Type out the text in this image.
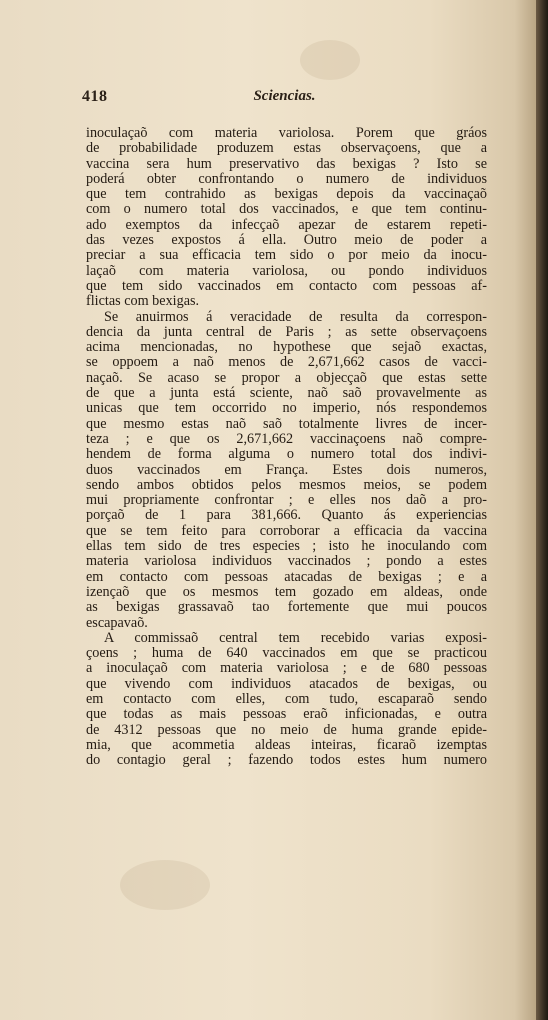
418	Sciencias.
inoculaçaõ com materia variolosa. Porem que gráos
de probabilidade produzem estas observaçoens, que a
vaccina sera hum preservativo das bexigas ? Isto se
poderá obter confrontando o numero de individuos
que tem contrahido as bexigas depois da vaccinaçaõ
com o numero total dos vaccinados, e que tem continu-
ado exemptos da infecçaõ apezar de estarem repeti-
das vezes expostos á ella. Outro meio de poder a
preciar a sua efficacia tem sido o por meio da inocu-
laçaõ com materia variolosa, ou pondo individuos
que tem sido vaccinados em contacto com pessoas af-
flictas com bexigas.
Se anuirmos á veracidade de resulta da correspon-
dencia da junta central de Paris ; as sette observaçoens
acima mencionadas, no hypothese que sejaõ exactas,
se oppoem a naõ menos de 2,671,662 casos de vacci-
naçaõ. Se acaso se propor a objecçaõ que estas sette
de que a junta está sciente, naõ saõ provavelmente as
unicas que tem occorrido no imperio, nós respondemos
que mesmo estas naõ saõ totalmente livres de incer-
teza ; e que os 2,671,662 vaccinaçoens naõ compre-
hendem de forma alguma o numero total dos indivi-
duos vaccinados em França. Estes dois numeros,
sendo ambos obtidos pelos mesmos meios, se podem
mui propriamente confrontar ; e elles nos daõ a pro-
porçaõ de 1 para 381,666. Quanto ás experiencias
que se tem feito para corroborar a efficacia da vaccina
ellas tem sido de tres especies ; isto he inoculando com
materia variolosa individuos vaccinados ; pondo a estes
em contacto com pessoas atacadas de bexigas ; e a
izençaõ que os mesmos tem gozado em aldeas, onde
as bexigas grassavaõ tao fortemente que mui poucos
escapavaõ.
A commissaõ central tem recebido varias exposi-
çoens ; huma de 640 vaccinados em que se practicou
a inoculaçaõ com materia variolosa ; e de 680 pessoas
que vivendo com individuos atacados de bexigas, ou
em contacto com elles, com tudo, escaparaõ sendo
que todas as mais pessoas eraõ inficionadas, e outra
de 4312 pessoas que no meio de huma grande epide-
mia, que acommetia aldeas inteiras, ficaraõ izemptas
do contagio geral ; fazendo todos estes hum numero
